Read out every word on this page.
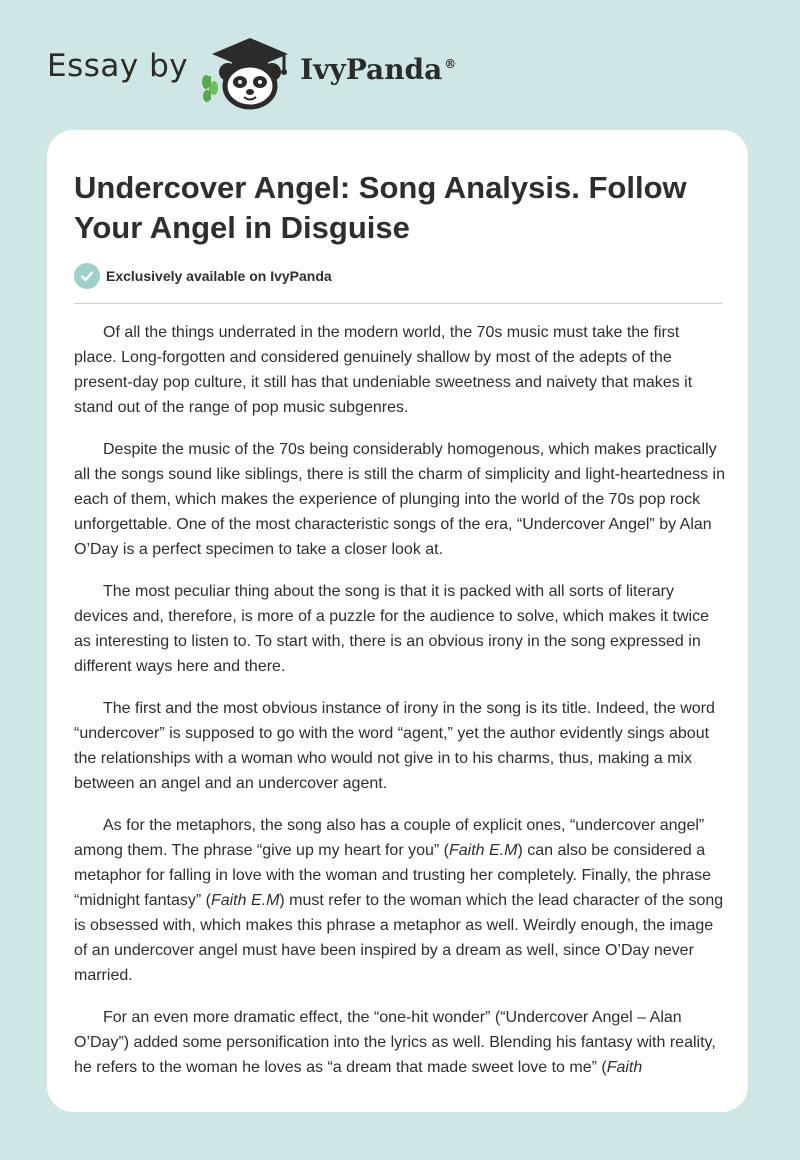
Essay by	IvyPanda ®
Undercover Angel: Song Analysis. Follow Your Angel in Disguise
Exclusively available on IvyPanda

Of all the things underrated in the modern world, the 70s music must take the first place. Long-forgotten and considered genuinely shallow by most of the adepts of the present-day pop culture, it still has that undeniable sweetness and naivety that makes it stand out of the range of pop music subgenres.

Despite the music of the 70s being considerably homogenous, which makes practically all the songs sound like siblings, there is still the charm of simplicity and light-heartedness in each of them, which makes the experience of plunging into the world of the 70s pop rock unforgettable. One of the most characteristic songs of the era, “Undercover Angel” by Alan O’Day is a perfect specimen to take a closer look at.

The most peculiar thing about the song is that it is packed with all sorts of literary devices and, therefore, is more of a puzzle for the audience to solve, which makes it twice as interesting to listen to. To start with, there is an obvious irony in the song expressed in different ways here and there.

The first and the most obvious instance of irony in the song is its title. Indeed, the word “undercover” is supposed to go with the word “agent,” yet the author evidently sings about the relationships with a woman who would not give in to his charms, thus, making a mix between an angel and an undercover agent.

As for the metaphors, the song also has a couple of explicit ones, “undercover angel” among them. The phrase “give up my heart for you” (Faith E.M) can also be considered a metaphor for falling in love with the woman and trusting her completely. Finally, the phrase “midnight fantasy” (Faith E.M) must refer to the woman which the lead character of the song is obsessed with, which makes this phrase a metaphor as well. Weirdly enough, the image of an undercover angel must have been inspired by a dream as well, since O’Day never married.

For an even more dramatic effect, the “one-hit wonder” (“Undercover Angel – Alan O’Day”) added some personification into the lyrics as well. Blending his fantasy with reality, he refers to the woman he loves as “a dream that made sweet love to me” (Faith
